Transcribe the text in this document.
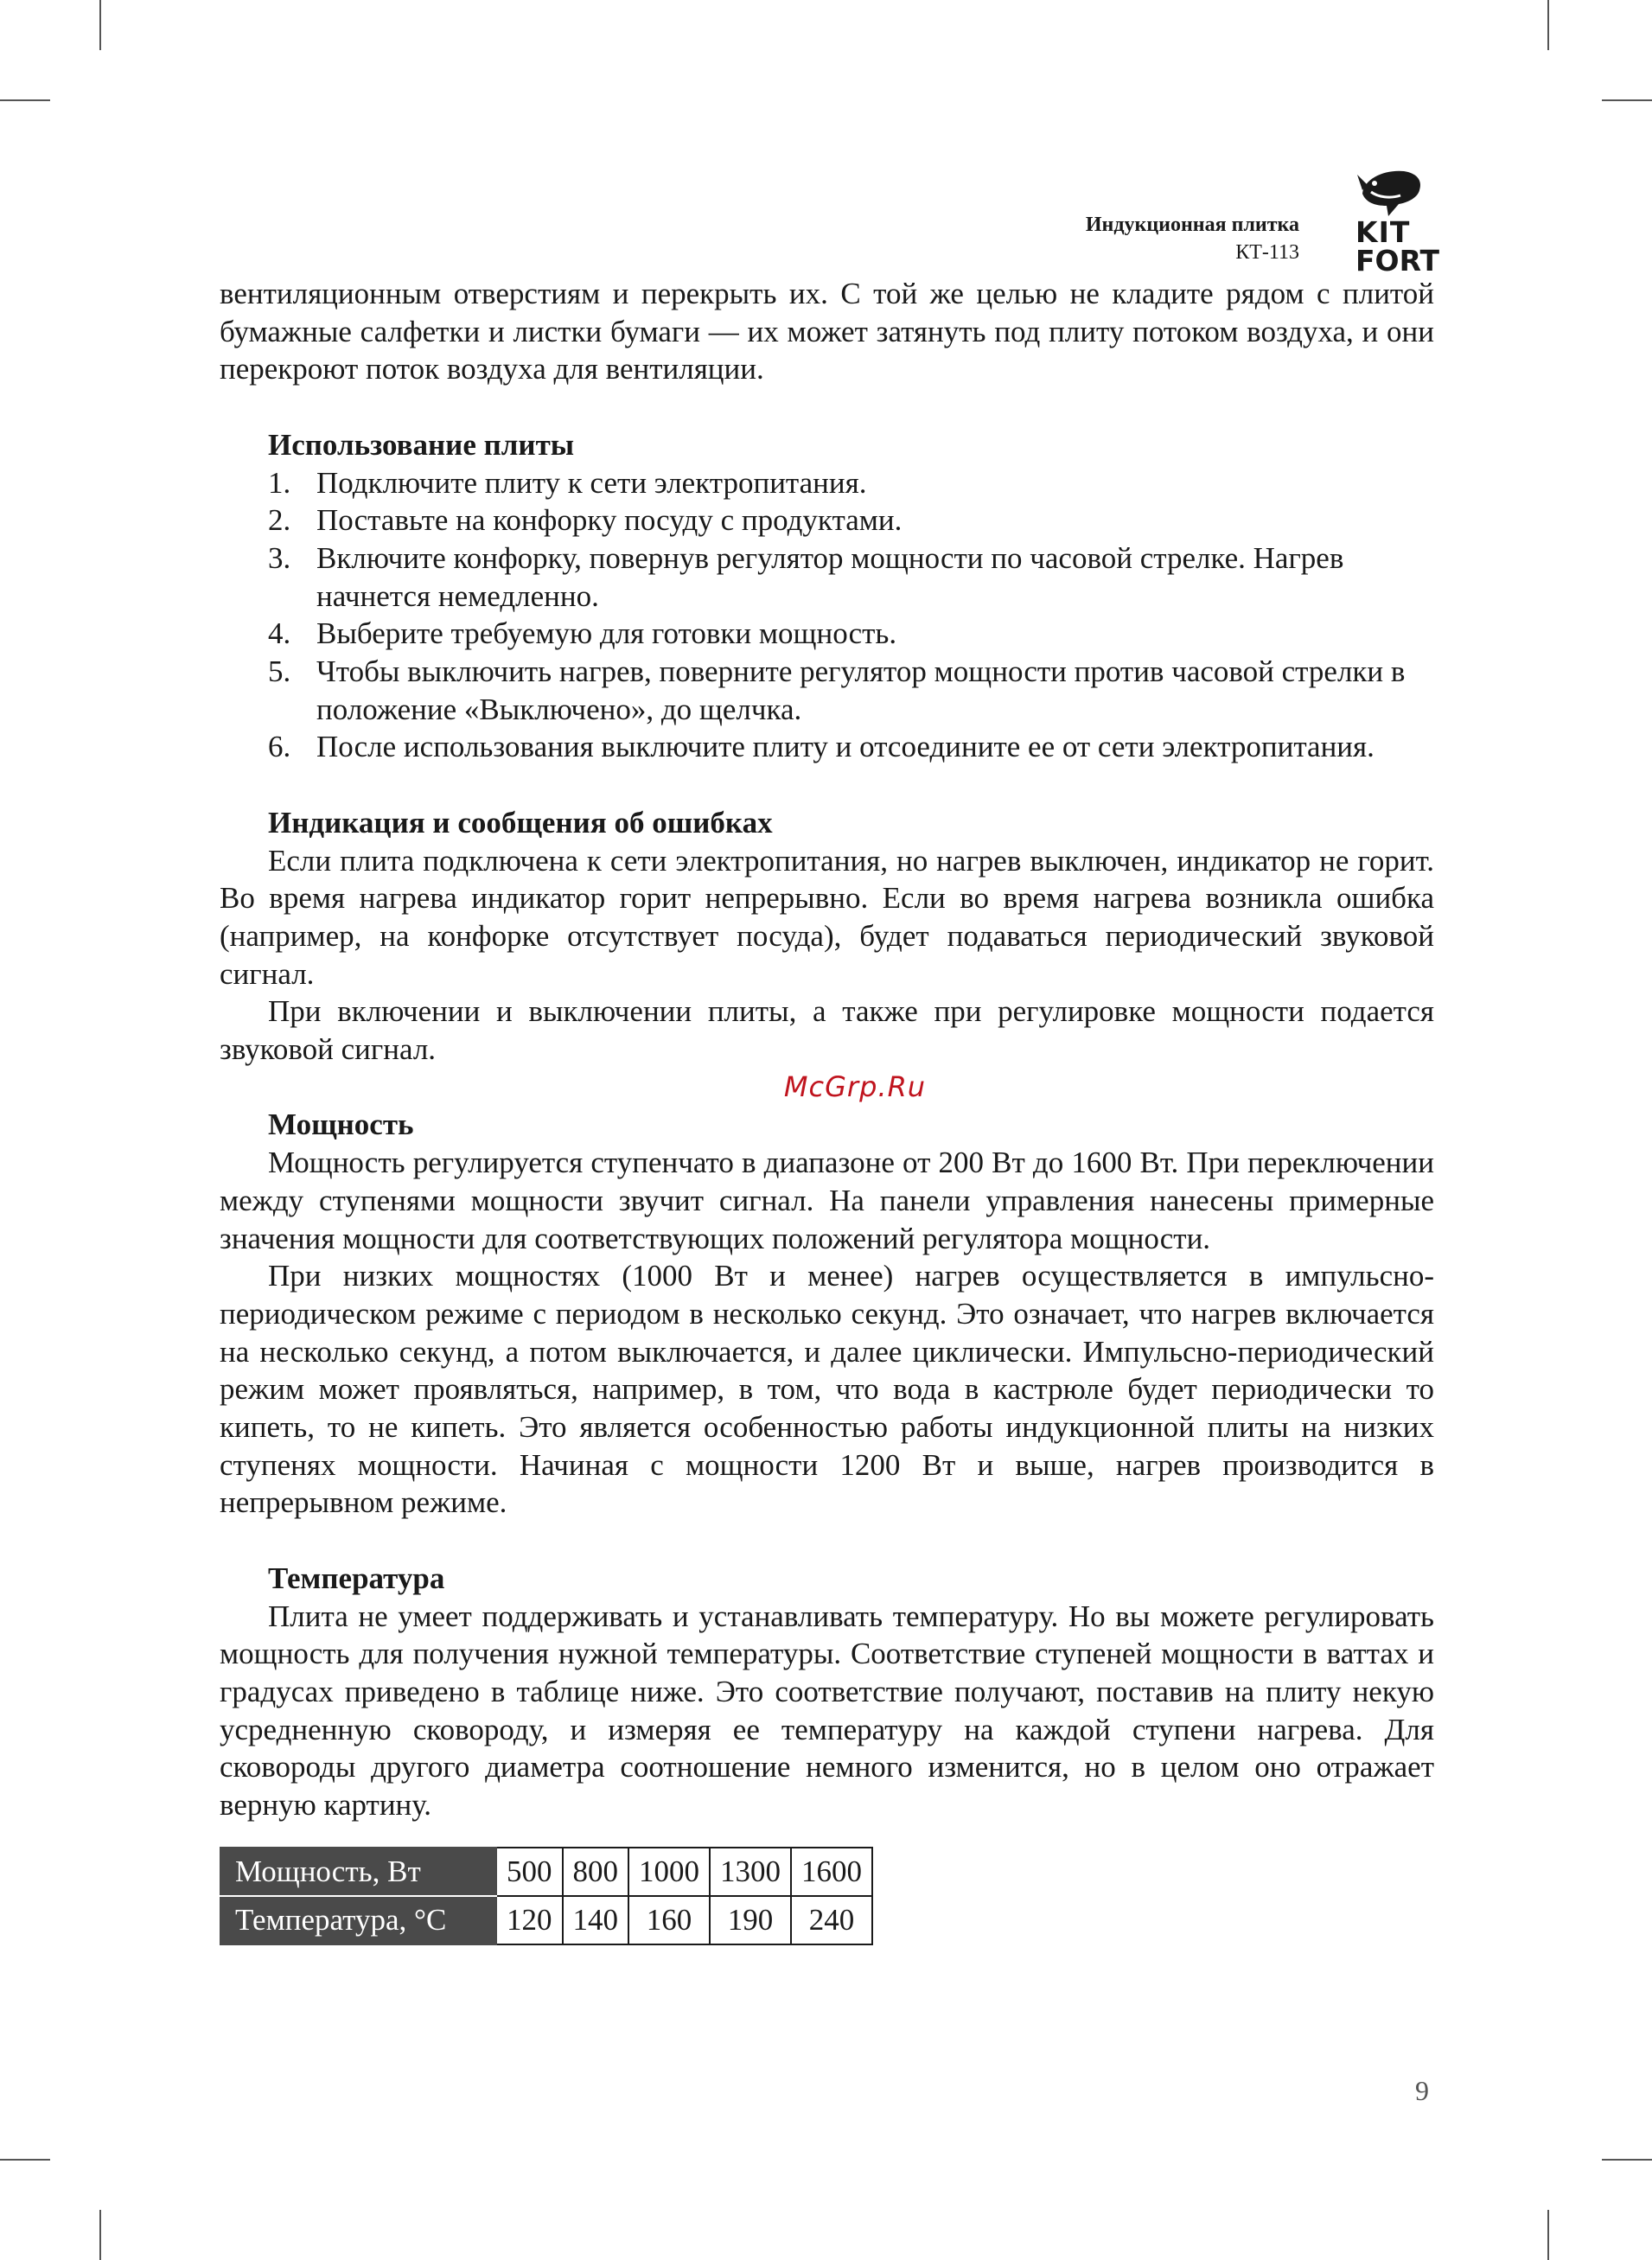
Индукционная плитка
КТ-113
KIT
FORT

вентиляционным отверстиям и перекрыть их. С той же целью не кладите рядом с плитой бумажные салфетки и листки бумаги — их может затянуть под плиту потоком воздуха, и они перекроют поток воздуха для вентиляции.

Использование плиты
1. Подключите плиту к сети электропитания.
2. Поставьте на конфорку посуду с продуктами.
3. Включите конфорку, повернув регулятор мощности по часовой стрелке. Нагрев начнется немедленно.
4. Выберите требуемую для готовки мощность.
5. Чтобы выключить нагрев, поверните регулятор мощности против часовой стрелки в положение «Выключено», до щелчка.
6. После использования выключите плиту и отсоедините ее от сети электропитания.
Индикация и сообщения об ошибках

Если плита подключена к сети электропитания, но нагрев выключен, индикатор не горит. Во время нагрева индикатор горит непрерывно. Если во время нагрева возникла ошибка (например, на конфорке отсутствует посуда), будет подаваться периодический звуковой сигнал.

При включении и выключении плиты, а также при регулировке мощности подается звуковой сигнал.

McGrp.Ru
Мощность

Мощность регулируется ступенчато в диапазоне от 200 Вт до 1600 Вт. При переключении между ступенями мощности звучит сигнал. На панели управления нанесены примерные значения мощности для соответствующих положений регулятора мощности.

При низких мощностях (1000 Вт и менее) нагрев осуществляется в импульсно-периодическом режиме с периодом в несколько секунд. Это означает, что нагрев включается на несколько секунд, а потом выключается, и далее циклически. Импульсно-периодический режим может проявляться, например, в том, что вода в кастрюле будет периодически то кипеть, то не кипеть. Это является особенностью работы индукционной плиты на низких ступенях мощности. Начиная с мощности 1200 Вт и выше, нагрев производится в непрерывном режиме.

Температура

Плита не умеет поддерживать и устанавливать температуру. Но вы можете регулировать мощность для получения нужной температуры. Соответствие ступеней мощности в ваттах и градусах приведено в таблице ниже. Это соответствие получают, поставив на плиту некую усредненную сковороду, и измеряя ее температуру на каждой ступени нагрева. Для сковороды другого диаметра соотношение немного изменится, но в целом оно отражает верную картину.

Мощность, Вт	500	800	1000	1300	1600
Температура, °C	120	140	160	190	240
9
